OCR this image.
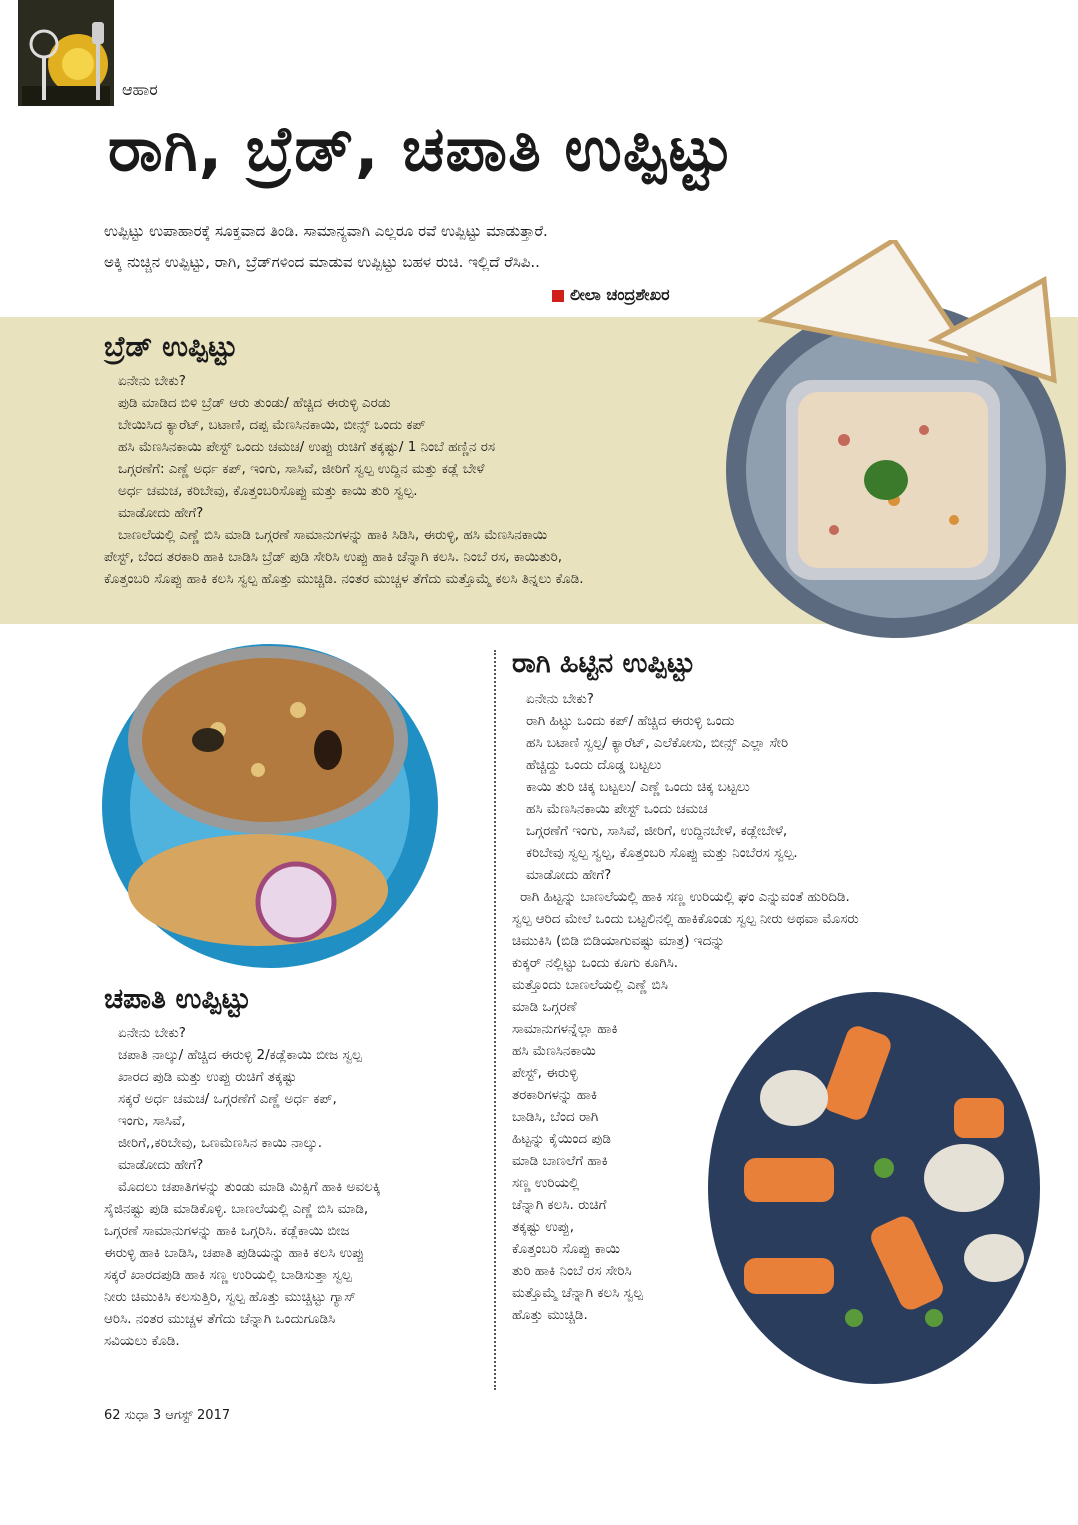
ಆಹಾರ
ರಾಗಿ, ಬ್ರೆಡ್, ಚಪಾತಿ ಉಪ್ಪಿಟ್ಟು
ಉಪ್ಪಿಟ್ಟು ಉಪಾಹಾರಕ್ಕೆ ಸೂಕ್ತವಾದ ತಿಂಡಿ. ಸಾಮಾನ್ಯವಾಗಿ ಎಲ್ಲರೂ ರವೆ ಉಪ್ಪಿಟ್ಟು ಮಾಡುತ್ತಾರೆ.
ಅಕ್ಕಿ ನುಚ್ಚಿನ ಉಪ್ಪಿಟ್ಟು, ರಾಗಿ, ಬ್ರೆಡ್‌ಗಳಿಂದ ಮಾಡುವ ಉಪ್ಪಿಟ್ಟು ಬಹಳ ರುಚಿ. ಇಲ್ಲಿದೆ ರೆಸಿಪಿ..
ಲೀಲಾ ಚಂದ್ರಶೇಖರ
ಬ್ರೆಡ್ ಉಪ್ಪಿಟ್ಟು
ಏನೇನು ಬೇಕು?
ಪುಡಿ ಮಾಡಿದ ಬಿಳಿ ಬ್ರೆಡ್ ಆರು ತುಂಡು/ ಹೆಚ್ಚಿದ ಈರುಳ್ಳಿ ಎರಡು
ಬೇಯಿಸಿದ ಕ್ಯಾರೆಟ್, ಬಟಾಣಿ, ದಪ್ಪ ಮೆಣಸಿನಕಾಯಿ, ಬೀನ್ಸ್ ಒಂದು ಕಪ್
ಹಸಿ ಮೆಣಸಿನಕಾಯಿ ಪೇಸ್ಟ್ ಒಂದು ಚಮಚ/ ಉಪ್ಪು ರುಚಿಗೆ ತಕ್ಕಷ್ಟು/ 1 ನಿಂಬೆ ಹಣ್ಣಿನ ರಸ
ಒಗ್ಗರಣೆಗೆ: ಎಣ್ಣೆ ಅರ್ಧ ಕಪ್, ಇಂಗು, ಸಾಸಿವೆ, ಜೀರಿಗೆ ಸ್ವಲ್ಪ ಉದ್ದಿನ ಮತ್ತು ಕಡ್ಲೆ ಬೇಳೆ
ಅರ್ಧ ಚಮಚ, ಕರಿಬೇವು, ಕೊತ್ತಂಬರಿಸೊಪ್ಪು ಮತ್ತು ಕಾಯಿ ತುರಿ ಸ್ವಲ್ಪ.
ಮಾಡೋದು ಹೇಗೆ?
ಬಾಣಲೆಯಲ್ಲಿ ಎಣ್ಣೆ ಬಿಸಿ ಮಾಡಿ ಒಗ್ಗರಣೆ ಸಾಮಾನುಗಳನ್ನು ಹಾಕಿ ಸಿಡಿಸಿ, ಈರುಳ್ಳಿ, ಹಸಿ ಮೆಣಸಿನಕಾಯಿ
ಪೇಸ್ಟ್, ಬೆಂದ ತರಕಾರಿ ಹಾಕಿ ಬಾಡಿಸಿ ಬ್ರೆಡ್ ಪುಡಿ ಸೇರಿಸಿ ಉಪ್ಪು ಹಾಕಿ ಚೆನ್ನಾಗಿ ಕಲಸಿ. ನಿಂಬೆ ರಸ, ಕಾಯಿತುರಿ,
ಕೊತ್ತಂಬರಿ ಸೊಪ್ಪು ಹಾಕಿ ಕಲಸಿ ಸ್ವಲ್ಪ ಹೊತ್ತು ಮುಚ್ಚಿಡಿ. ನಂತರ ಮುಚ್ಚಳ ತೆಗೆದು ಮತ್ತೊಮ್ಮೆ ಕಲಸಿ ತಿನ್ನಲು ಕೊಡಿ.
ರಾಗಿ ಹಿಟ್ಟಿನ ಉಪ್ಪಿಟ್ಟು
ಏನೇನು ಬೇಕು?
ರಾಗಿ ಹಿಟ್ಟು ಒಂದು ಕಪ್/ ಹೆಚ್ಚಿದ ಈರುಳ್ಳಿ ಒಂದು
ಹಸಿ ಬಟಾಣಿ ಸ್ವಲ್ಪ/ ಕ್ಯಾರೆಟ್, ಎಲೆಕೋಸು, ಬೀನ್ಸ್ ಎಲ್ಲಾ ಸೇರಿ
ಹೆಚ್ಚಿದ್ದು ಒಂದು ದೊಡ್ಡ ಬಟ್ಟಲು
ಕಾಯಿ ತುರಿ ಚಿಕ್ಕ ಬಟ್ಟಲು/ ಎಣ್ಣೆ ಒಂದು ಚಿಕ್ಕ ಬಟ್ಟಲು
ಹಸಿ ಮೆಣಸಿನಕಾಯಿ ಪೇಸ್ಟ್ ಒಂದು ಚಮಚ
ಒಗ್ಗರಣೆಗೆ ಇಂಗು, ಸಾಸಿವೆ, ಜೀರಿಗೆ, ಉದ್ದಿನಬೇಳೆ, ಕಡ್ಲೇಬೇಳೆ,
ಕರಿಬೇವು ಸ್ವಲ್ಪ ಸ್ವಲ್ಪ, ಕೊತ್ತಂಬರಿ ಸೊಪ್ಪು ಮತ್ತು ನಿಂಬೆರಸ ಸ್ವಲ್ಪ.
ಮಾಡೋದು ಹೇಗೆ?
ರಾಗಿ ಹಿಟ್ಟನ್ನು ಬಾಣಲೆಯಲ್ಲಿ ಹಾಕಿ ಸಣ್ಣ ಉರಿಯಲ್ಲಿ ಘಂ ಎನ್ನುವಂತೆ ಹುರಿದಿಡಿ.
ಸ್ವಲ್ಪ ಆರಿದ ಮೇಲೆ ಒಂದು ಬಟ್ಟಲಿನಲ್ಲಿ ಹಾಕಿಕೊಂಡು ಸ್ವಲ್ಪ ನೀರು ಅಥವಾ ಮೊಸರು
ಚಿಮುಕಿಸಿ (ಬಿಡಿ ಬಿಡಿಯಾಗುವಷ್ಟು ಮಾತ್ರ) ಇದನ್ನು
ಕುಕ್ಕರ್ ನಲ್ಲಿಟ್ಟು ಒಂದು ಕೂಗು ಕೂಗಿಸಿ.
ಮತ್ತೊಂದು ಬಾಣಲೆಯಲ್ಲಿ ಎಣ್ಣೆ ಬಿಸಿ
ಮಾಡಿ ಒಗ್ಗರಣೆ
ಸಾಮಾನುಗಳನ್ನೆಲ್ಲಾ ಹಾಕಿ
ಹಸಿ ಮೆಣಸಿನಕಾಯಿ
ಪೇಸ್ಟ್, ಈರುಳ್ಳಿ
ತರಕಾರಿಗಳನ್ನು ಹಾಕಿ
ಬಾಡಿಸಿ, ಬೆಂದ ರಾಗಿ
ಹಿಟ್ಟನ್ನು ಕೈಯಿಂದ ಪುಡಿ
ಮಾಡಿ ಬಾಣಲೆಗೆ ಹಾಕಿ
ಸಣ್ಣ ಉರಿಯಲ್ಲಿ
ಚೆನ್ನಾಗಿ ಕಲಸಿ. ರುಚಿಗೆ
ತಕ್ಕಷ್ಟು ಉಪ್ಪು,
ಕೊತ್ತಂಬರಿ ಸೊಪ್ಪು ಕಾಯಿ
ತುರಿ ಹಾಕಿ ನಿಂಬೆ ರಸ ಸೇರಿಸಿ
ಮತ್ತೊಮ್ಮೆ ಚೆನ್ನಾಗಿ ಕಲಸಿ ಸ್ವಲ್ಪ
ಹೊತ್ತು ಮುಚ್ಚಿಡಿ.
ಚಪಾತಿ ಉಪ್ಪಿಟ್ಟು
ಏನೇನು ಬೇಕು?
ಚಪಾತಿ ನಾಲ್ಕು/ ಹೆಚ್ಚಿದ ಈರುಳ್ಳಿ 2/ಕಡ್ಲೆಕಾಯಿ ಬೀಜ ಸ್ವಲ್ಪ
ಖಾರದ ಪುಡಿ ಮತ್ತು ಉಪ್ಪು ರುಚಿಗೆ ತಕ್ಕಷ್ಟು
ಸಕ್ಕರೆ ಅರ್ಧ ಚಮಚ/ ಒಗ್ಗರಣೆಗೆ ಎಣ್ಣೆ ಅರ್ಧ ಕಪ್,
ಇಂಗು, ಸಾಸಿವೆ,
ಜೀರಿಗೆ,,ಕರಿಬೇವು, ಒಣಮೆಣಸಿನ ಕಾಯಿ ನಾಲ್ಕು.
ಮಾಡೋದು ಹೇಗೆ?
ಮೊದಲು ಚಪಾತಿಗಳನ್ನು ತುಂಡು ಮಾಡಿ ಮಿಕ್ಸಿಗೆ ಹಾಕಿ ಅವಲಕ್ಕಿ
ಸೈಜಿನಷ್ಟು ಪುಡಿ ಮಾಡಿಕೊಳ್ಳಿ. ಬಾಣಲೆಯಲ್ಲಿ ಎಣ್ಣೆ ಬಿಸಿ ಮಾಡಿ,
ಒಗ್ಗರಣೆ ಸಾಮಾನುಗಳನ್ನು ಹಾಕಿ ಒಗ್ಗರಿಸಿ. ಕಡ್ಲೆಕಾಯಿ ಬೀಜ
ಈರುಳ್ಳಿ ಹಾಕಿ ಬಾಡಿಸಿ, ಚಪಾತಿ ಪುಡಿಯನ್ನು ಹಾಕಿ ಕಲಸಿ ಉಪ್ಪು
ಸಕ್ಕರೆ ಖಾರದಪುಡಿ ಹಾಕಿ ಸಣ್ಣ ಉರಿಯಲ್ಲಿ ಬಾಡಿಸುತ್ತಾ ಸ್ವಲ್ಪ
ನೀರು ಚಿಮುಕಿಸಿ ಕಲಸುತ್ತಿರಿ, ಸ್ವಲ್ಪ ಹೊತ್ತು ಮುಚ್ಚಿಟ್ಟು ಗ್ಯಾಸ್
ಆರಿಸಿ. ನಂತರ ಮುಚ್ಚಳ ತೆಗೆದು ಚೆನ್ನಾಗಿ ಒಂದುಗೂಡಿಸಿ
ಸವಿಯಲು ಕೊಡಿ.
62 ಸುಧಾ 3 ಆಗಸ್ಟ್ 2017
